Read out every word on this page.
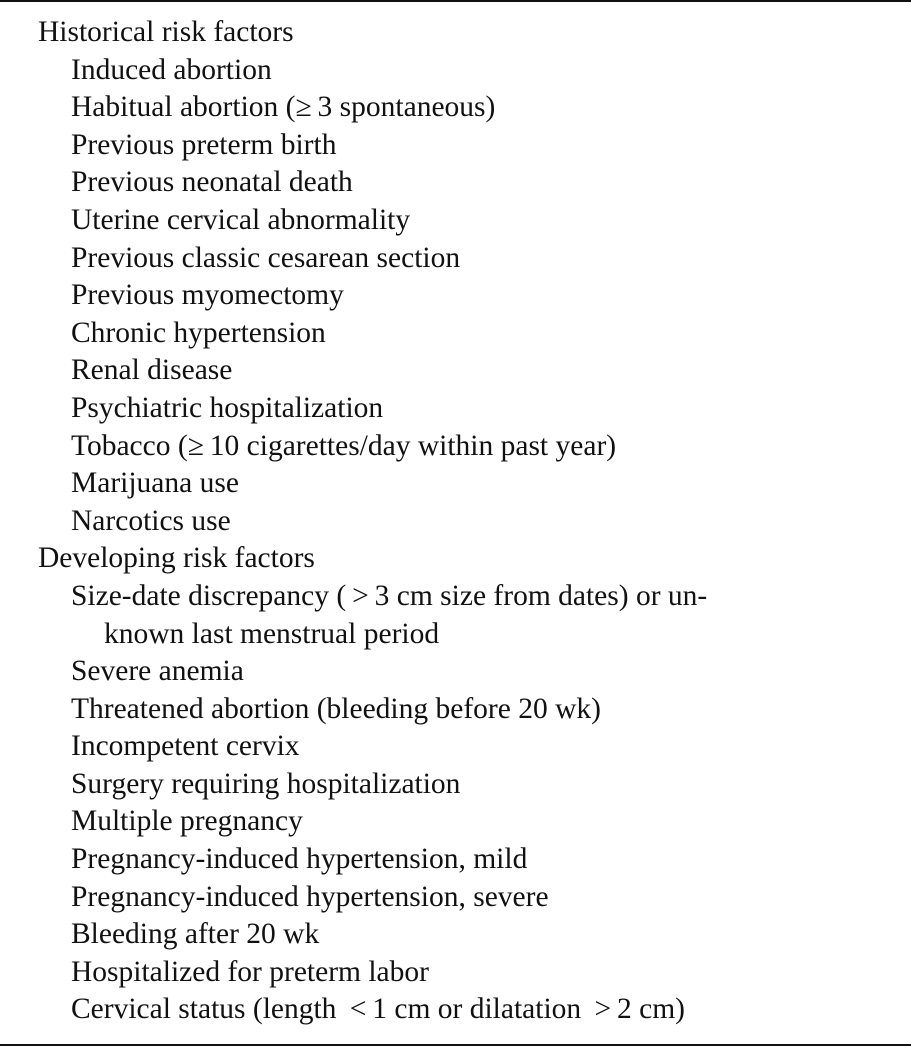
Historical risk factors
Induced abortion
Habitual abortion (≥ 3 spontaneous)
Previous preterm birth
Previous neonatal death
Uterine cervical abnormality
Previous classic cesarean section
Previous myomectomy
Chronic hypertension
Renal disease
Psychiatric hospitalization
Tobacco (≥ 10 cigarettes/day within past year)
Marijuana use
Narcotics use
Developing risk factors
Size-date discrepancy ( > 3 cm size from dates) or un-
known last menstrual period
Severe anemia
Threatened abortion (bleeding before 20 wk)
Incompetent cervix
Surgery requiring hospitalization
Multiple pregnancy
Pregnancy-induced hypertension, mild
Pregnancy-induced hypertension, severe
Bleeding after 20 wk
Hospitalized for preterm labor
Cervical status (length  < 1 cm or dilatation  > 2 cm)
